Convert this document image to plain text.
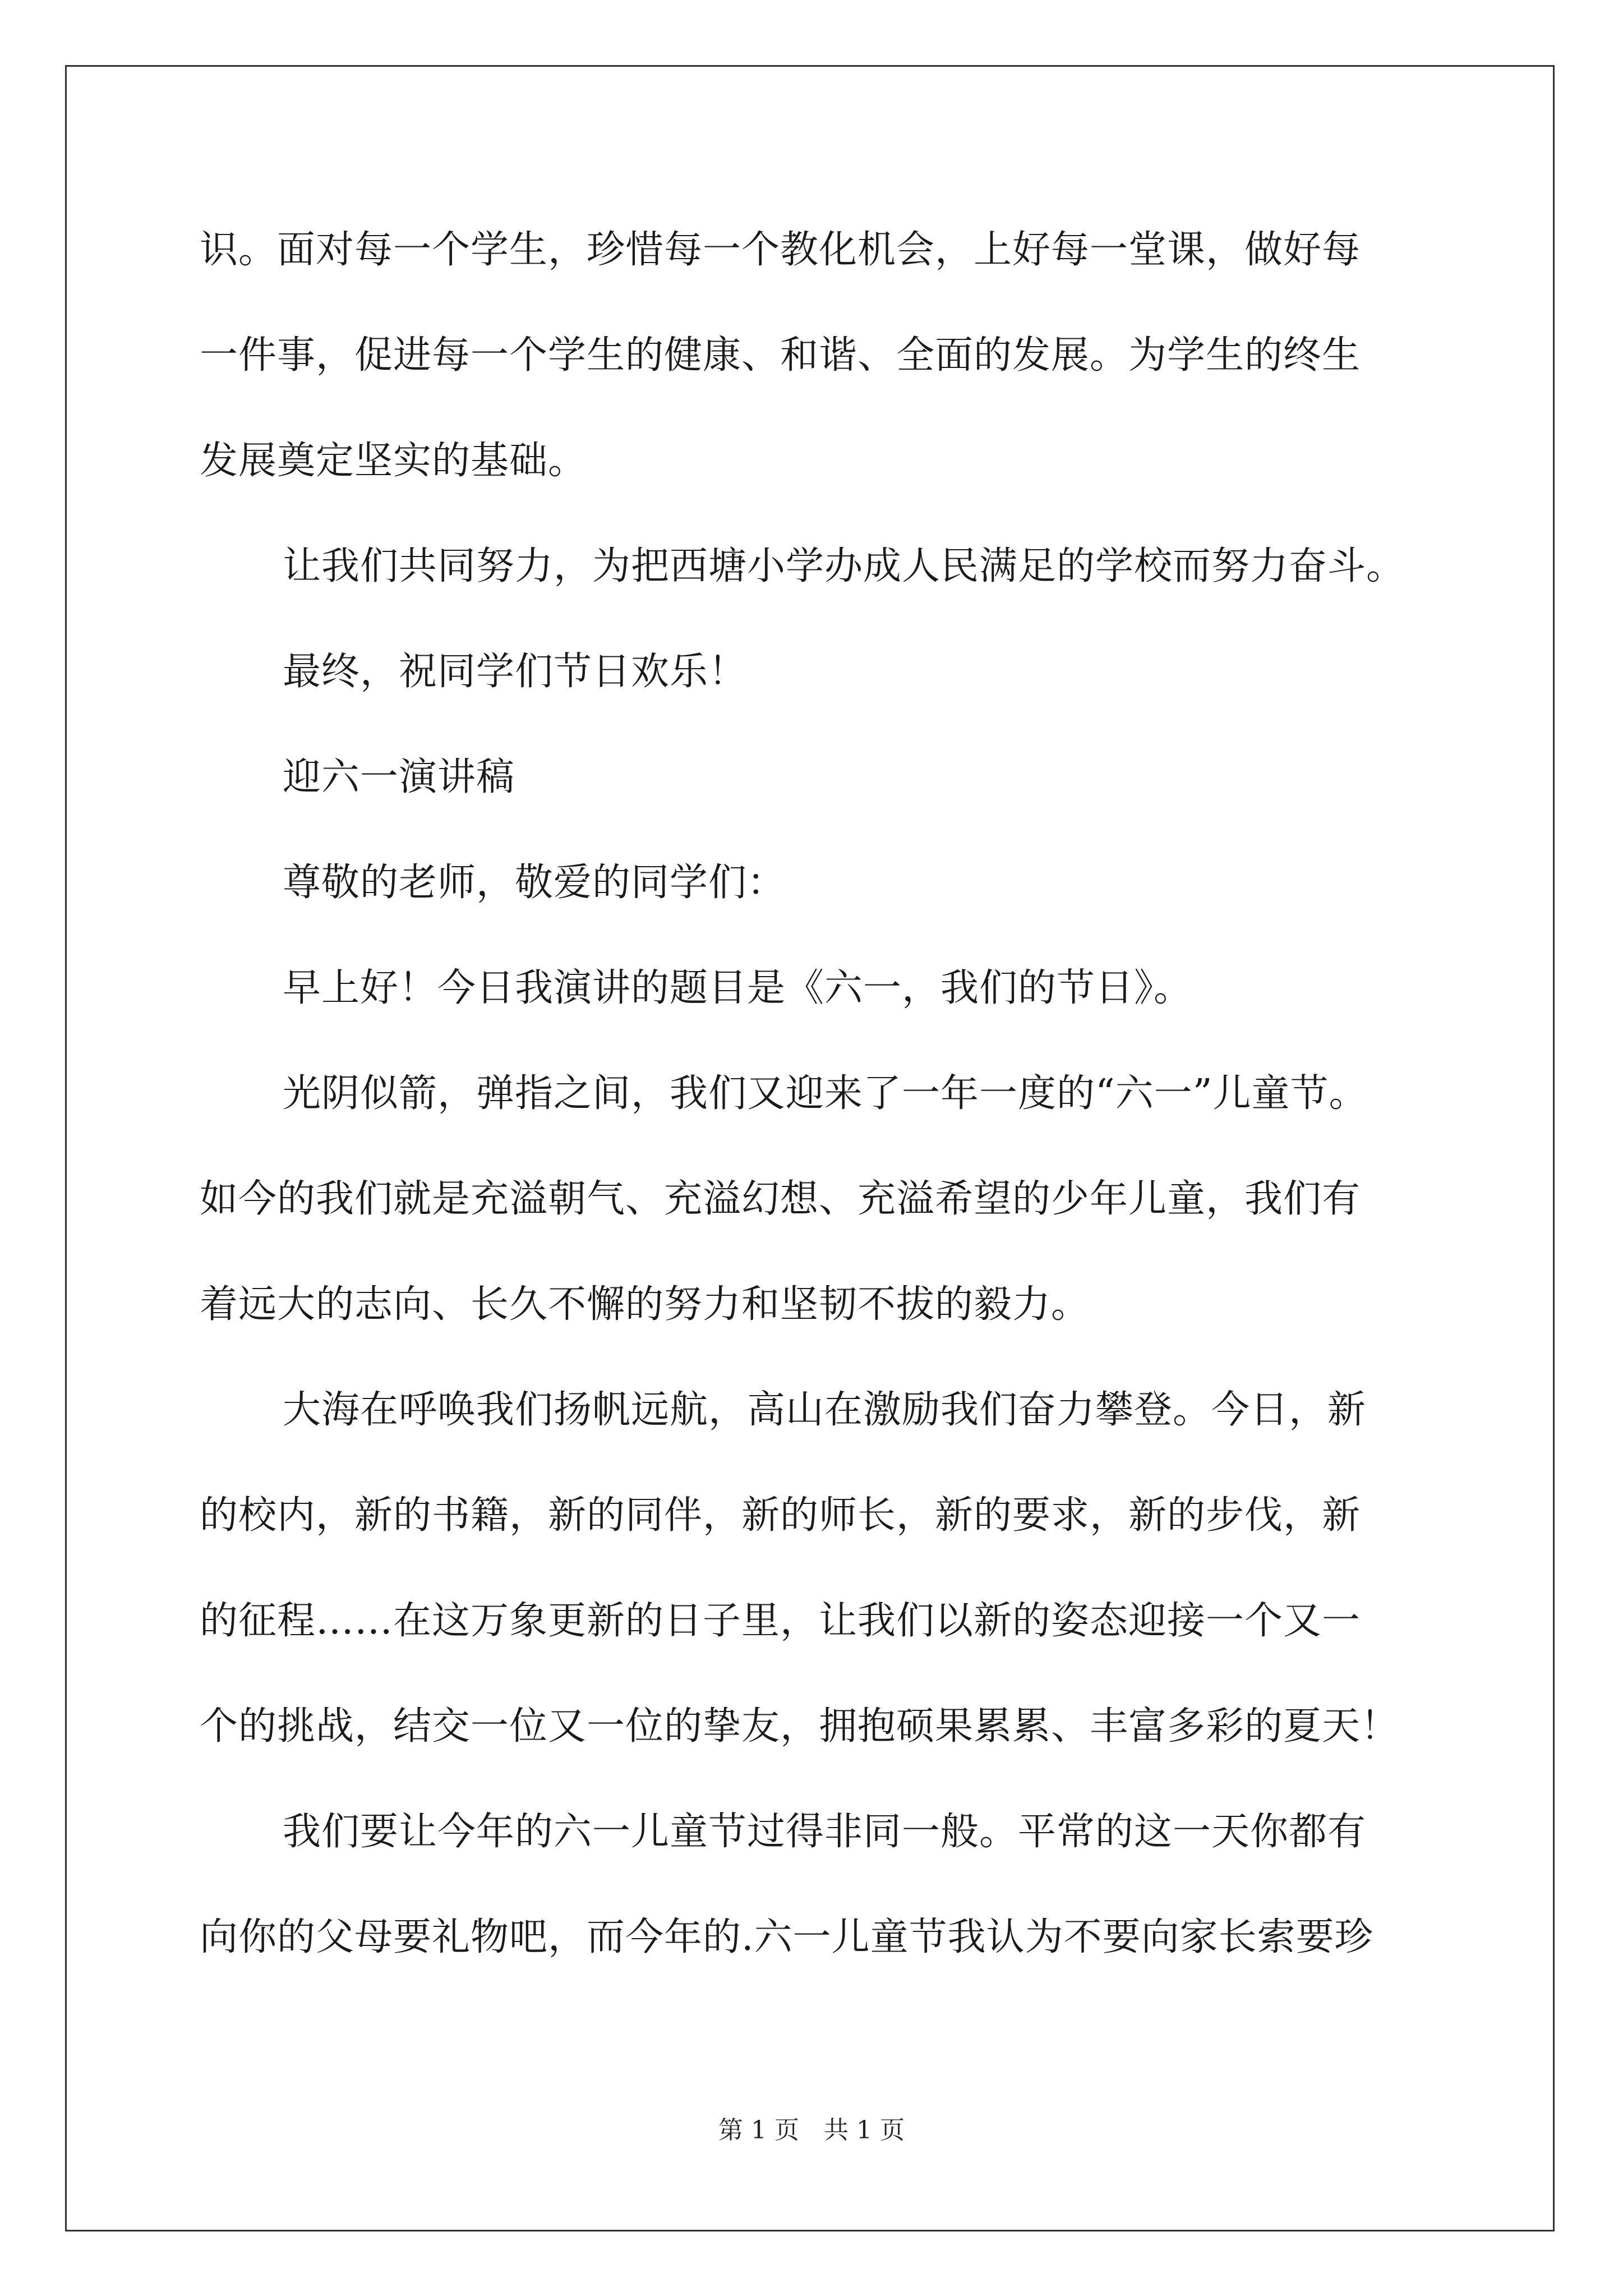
识。面对每一个学生，珍惜每一个教化机会，上好每一堂课，做好每
一件事，促进每一个学生的健康、和谐、全面的发展。为学生的终生
发展奠定坚实的基础。
让我们共同努力，为把西塘小学办成人民满足的学校而努力奋斗。
最终，祝同学们节日欢乐！
迎六一演讲稿
尊敬的老师，敬爱的同学们：
早上好！今日我演讲的题目是《六一，我们的节日》。
光阴似箭，弹指之间，我们又迎来了一年一度的“六一”儿童节。
如今的我们就是充溢朝气、充溢幻想、充溢希望的少年儿童，我们有
着远大的志向、长久不懈的努力和坚韧不拔的毅力。
大海在呼唤我们扬帆远航，高山在激励我们奋力攀登。今日，新
的校内，新的书籍，新的同伴，新的师长，新的要求，新的步伐，新
的征程……在这万象更新的日子里，让我们以新的姿态迎接一个又一
个的挑战，结交一位又一位的挚友，拥抱硕果累累、丰富多彩的夏天！
我们要让今年的六一儿童节过得非同一般。平常的这一天你都有
向你的父母要礼物吧，而今年的.六一儿童节我认为不要向家长索要珍
第 1 页　共 1 页
